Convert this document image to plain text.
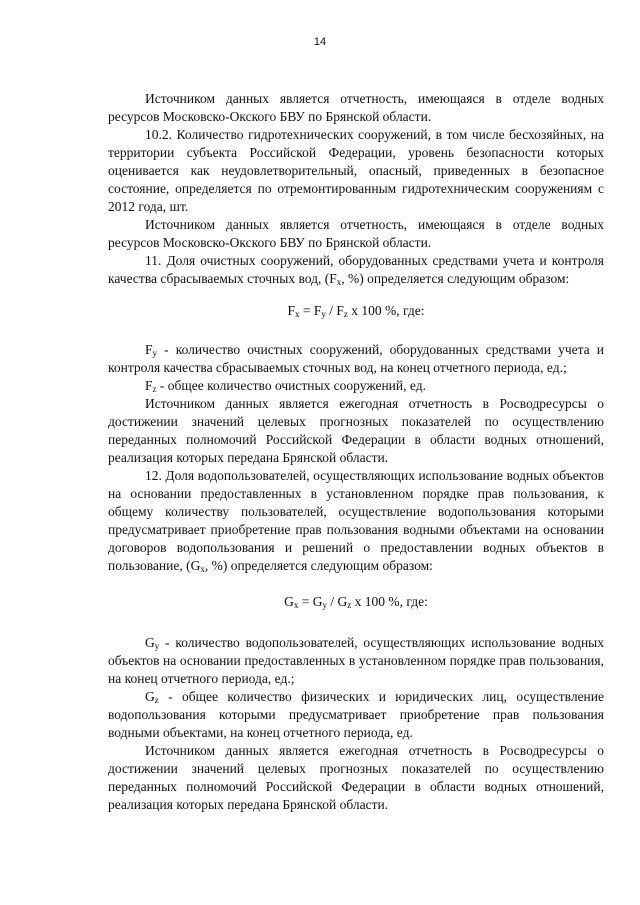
14

Источником данных является отчетность, имеющаяся в отделе водных ресурсов Московско-Окского БВУ по Брянской области.

10.2. Количество гидротехнических сооружений, в том числе бесхозяйных, на территории субъекта Российской Федерации, уровень безопасности которых оценивается как неудовлетворительный, опасный, приведенных в безопасное состояние, определяется по отремонтированным гидротехническим сооружениям с 2012 года, шт.

Источником данных является отчетность, имеющаяся в отделе водных ресурсов Московско-Окского БВУ по Брянской области.

11. Доля очистных сооружений, оборудованных средствами учета и контроля качества сбрасываемых сточных вод, ($F_x$, %) определяется следующим образом:

$F_x = F_y / F_z$ x 100 %, где:

$F_y$ - количество очистных сооружений, оборудованных средствами учета и контроля качества сбрасываемых сточных вод, на конец отчетного периода, ед.;

$F_z$ - общее количество очистных сооружений, ед.

Источником данных является ежегодная отчетность в Росводресурсы о достижении значений целевых прогнозных показателей по осуществлению переданных полномочий Российской Федерации в области водных отношений, реализация которых передана Брянской области.

12. Доля водопользователей, осуществляющих использование водных объектов на основании предоставленных в установленном порядке прав пользования, к общему количеству пользователей, осуществление водопользования которыми предусматривает приобретение прав пользования водными объектами на основании договоров водопользования и решений о предоставлении водных объектов в пользование, ($G_x$, %) определяется следующим образом:

$G_x = G_y / G_z$ x 100 %, где:

$G_y$ - количество водопользователей, осуществляющих использование водных объектов на основании предоставленных в установленном порядке прав пользования, на конец отчетного периода, ед.;

$G_z$ - общее количество физических и юридических лиц, осуществление водопользования которыми предусматривает приобретение прав пользования водными объектами, на конец отчетного периода, ед.

Источником данных является ежегодная отчетность в Росводресурсы о достижении значений целевых прогнозных показателей по осуществлению переданных полномочий Российской Федерации в области водных отношений, реализация которых передана Брянской области.
